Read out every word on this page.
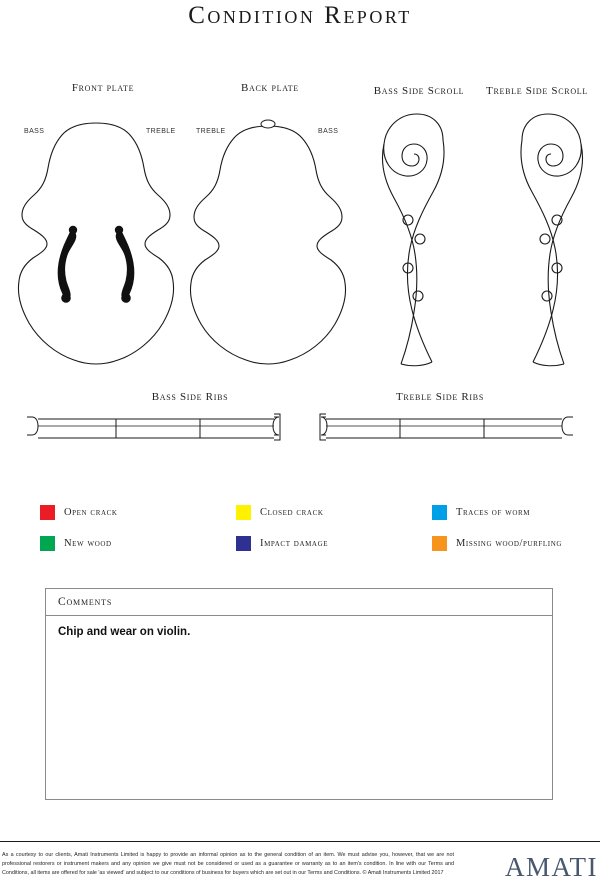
Condition Report
Front plate	Back plate	Bass Side Scroll	Treble Side Scroll
BASS	TREBLE	TREBLE	BASS
Bass Side Ribs	Treble Side Ribs
Open crack	Closed crack	Traces of worm
New wood	Impact damage	Missing wood/purfling
Comments
Chip and wear on violin.
As a courtesy to our clients, Amati Instruments Limited is happy to provide an informal opinion as to the general condition of an item. We must advise you, however, that we are not professional restorers or instrument makers and any opinion we give must not be considered or used as a guarantee or warranty as to an item's condition. In line with our Terms and Conditions, all items are offered for sale 'as viewed' and subject to our conditions of business for buyers which are set out in our Terms and Conditions. © Amati Instruments Limited 2017	AMATI
